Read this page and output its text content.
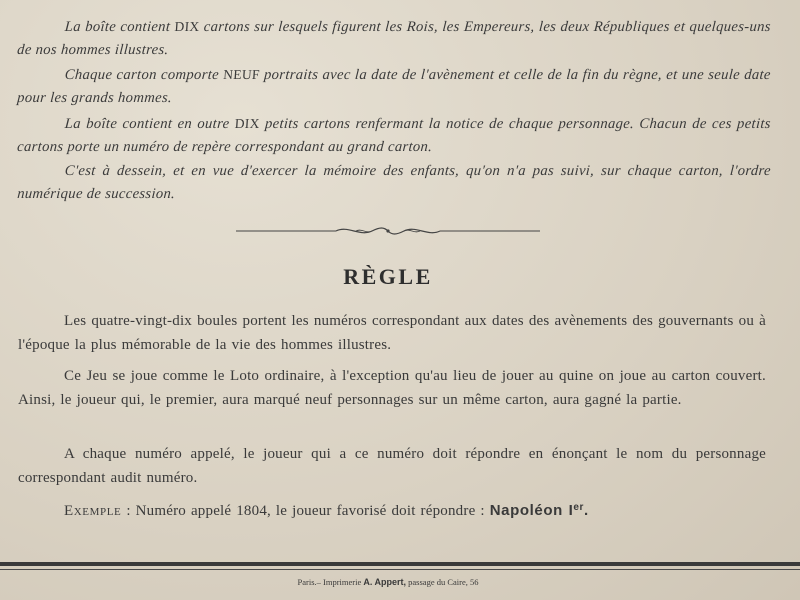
La boîte contient DIX cartons sur lesquels figurent les Rois, les Empereurs, les deux Républiques et quelques-uns de nos hommes illustres.

Chaque carton comporte NEUF portraits avec la date de l'avènement et celle de la fin du règne, et une seule date pour les grands hommes.

La boîte contient en outre DIX petits cartons renfermant la notice de chaque personnage. Chacun de ces petits cartons porte un numéro de repère correspondant au grand carton.

C'est à dessein, et en vue d'exercer la mémoire des enfants, qu'on n'a pas suivi, sur chaque carton, l'ordre numérique de succession.

RÈGLE

Les quatre-vingt-dix boules portent les numéros correspondant aux dates des avènements des gouvernants ou à l'époque la plus mémorable de la vie des hommes illustres.

Ce Jeu se joue comme le Loto ordinaire, à l'exception qu'au lieu de jouer au quine on joue au carton couvert. Ainsi, le joueur qui, le premier, aura marqué neuf personnages sur un même carton, aura gagné la partie.

A chaque numéro appelé, le joueur qui a ce numéro doit répondre en énonçant le nom du personnage correspondant audit numéro.

Exemple : Numéro appelé 1804, le joueur favorisé doit répondre : Napoléon Ier.

Paris.– Imprimerie A. Appert, passage du Caire, 56
